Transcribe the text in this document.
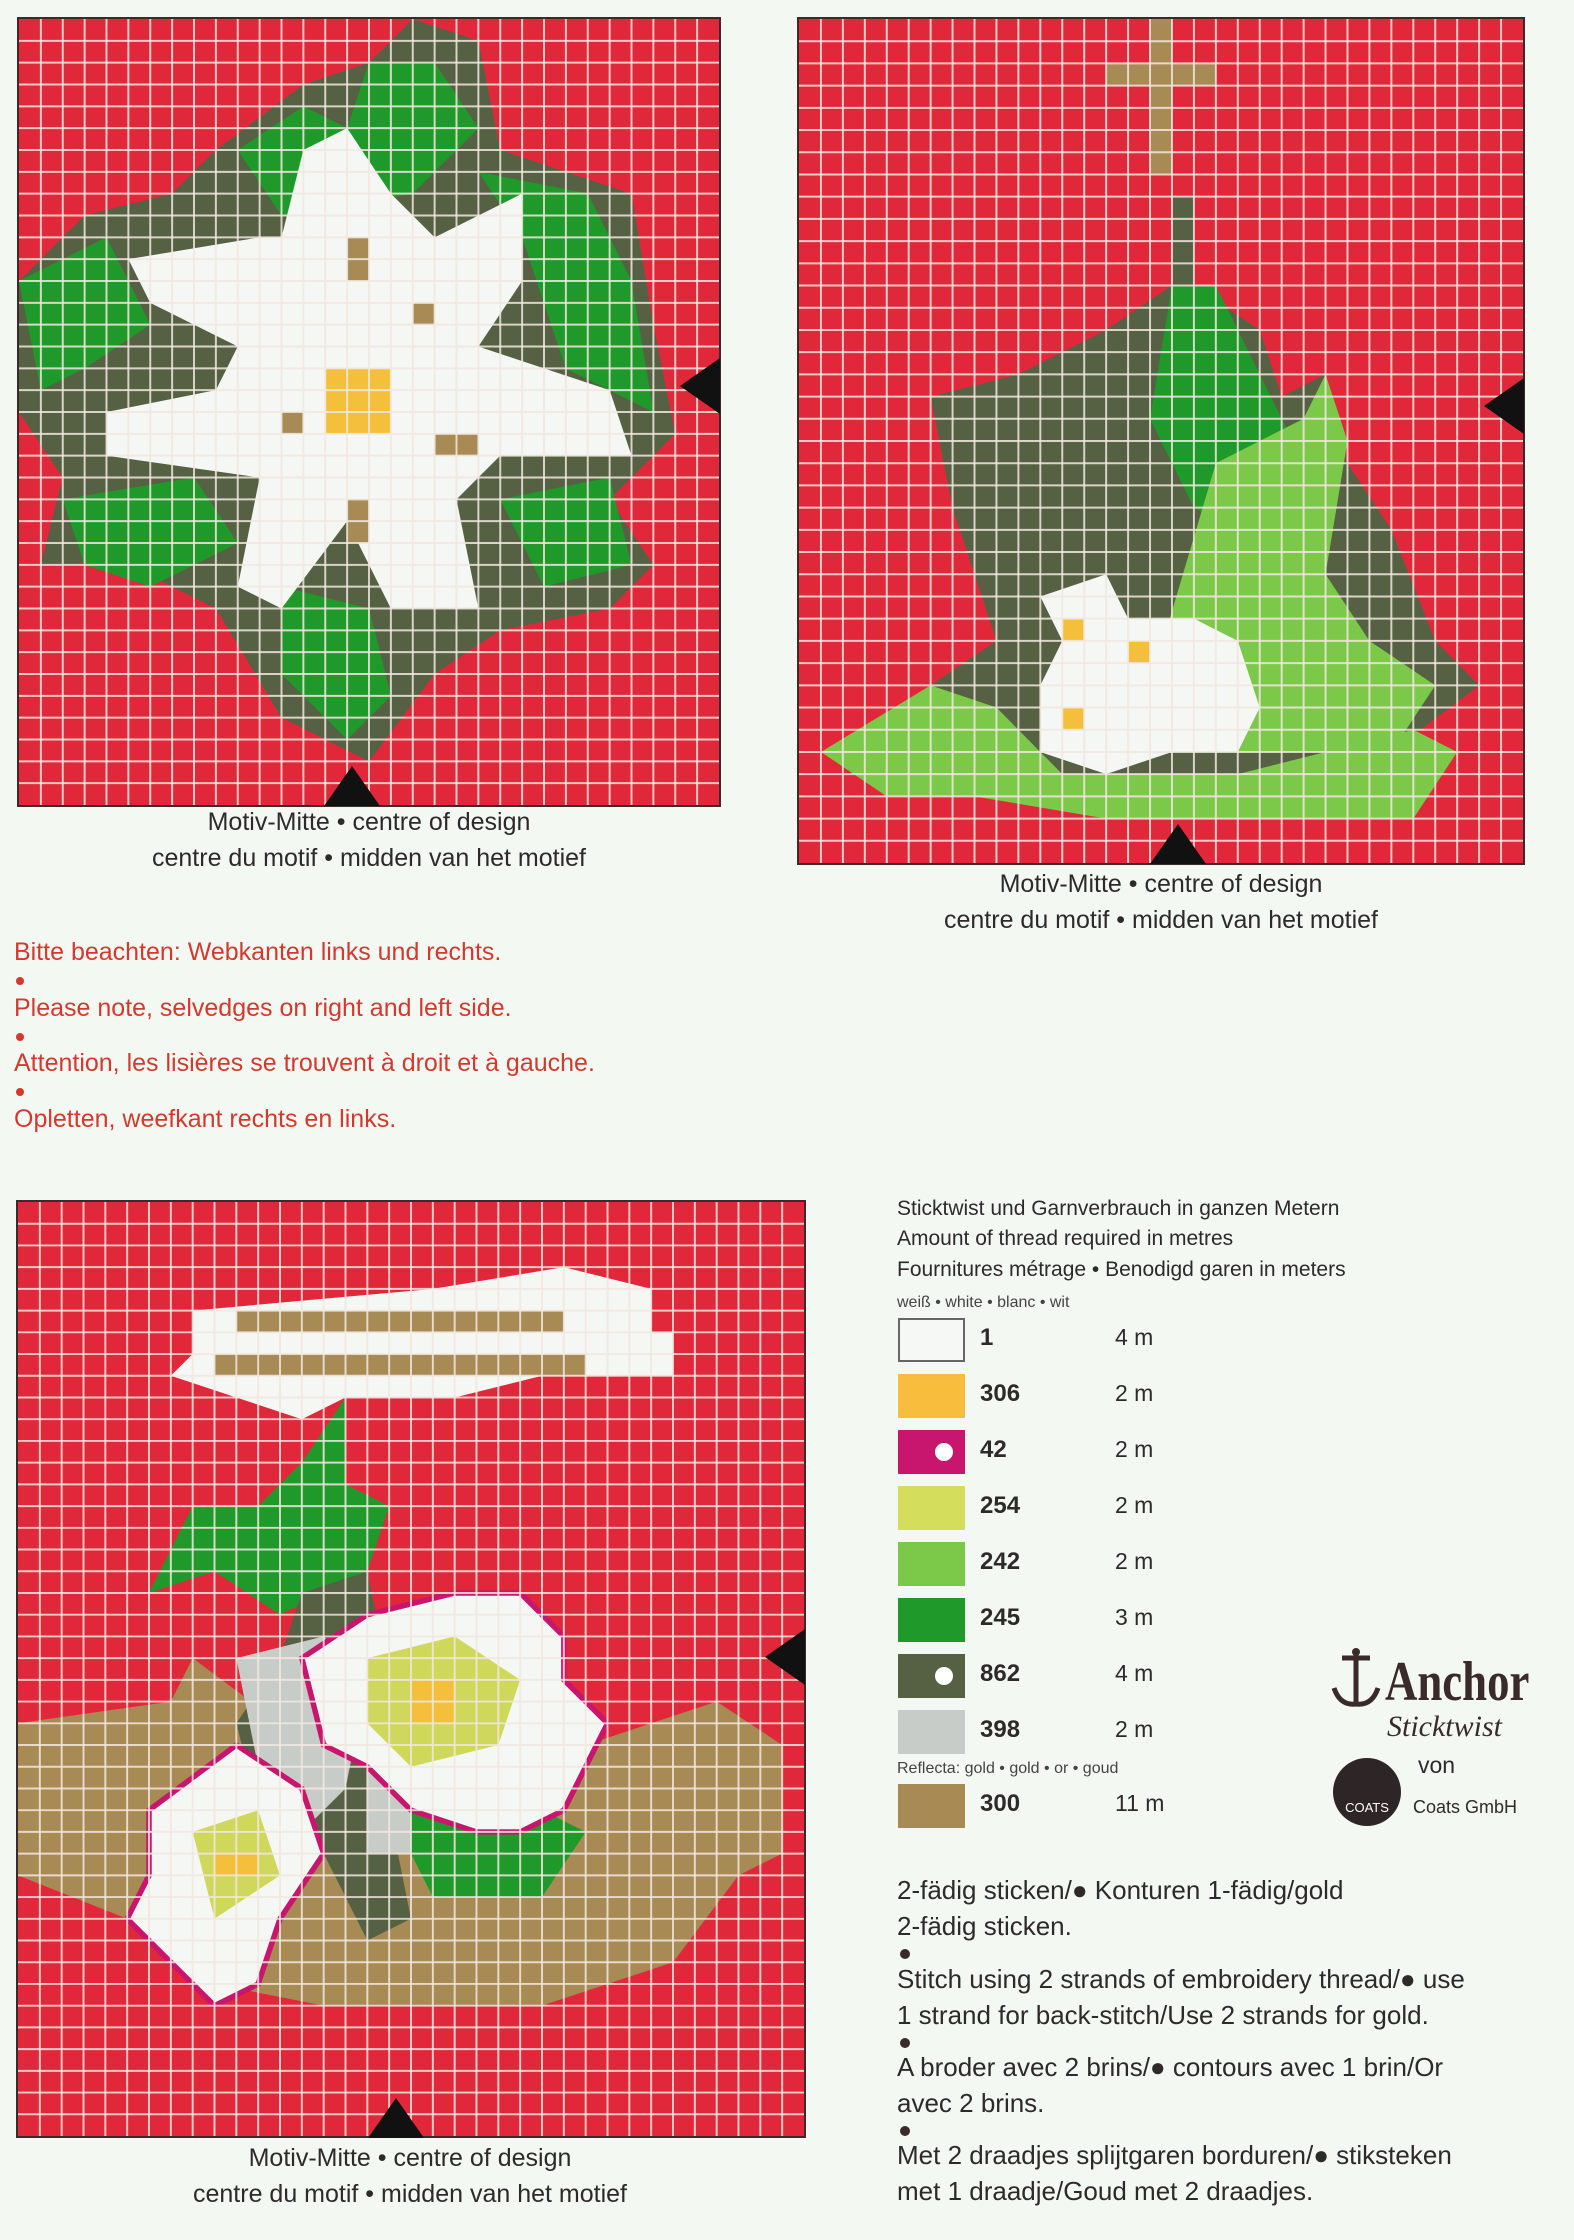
Motiv-Mitte • centre of design
centre du motif • midden van het motief
Motiv-Mitte • centre of design
centre du motif • midden van het motief
Bitte beachten: Webkanten links und rechts.
Please note, selvedges on right and left side.
Attention, les lisières se trouvent à droit et à gauche.
Opletten, weefkant rechts en links.
Motiv-Mitte • centre of design
centre du motif • midden van het motief
Sticktwist und Garnverbrauch in ganzen Metern
Amount of thread required in metres
Fournitures métrage • Benodigd garen in meters
weiß • white • blanc • wit
Reflecta: gold • gold • or • goud
1	4 m
306	2 m
42	2 m
254	2 m
242	2 m
245	3 m
862	4 m
398	2 m
300	11 m
Anchor
Sticktwist
von
COATS	Coats GmbH
2-fädig sticken/● Konturen 1-fädig/gold
2-fädig sticken.
Stitch using 2 strands of embroidery thread/● use
1 strand for back-stitch/Use 2 strands for gold.
A broder avec 2 brins/● contours avec 1 brin/Or
avec 2 brins.
Met 2 draadjes splijtgaren borduren/● stiksteken
met 1 draadje/Goud met 2 draadjes.
